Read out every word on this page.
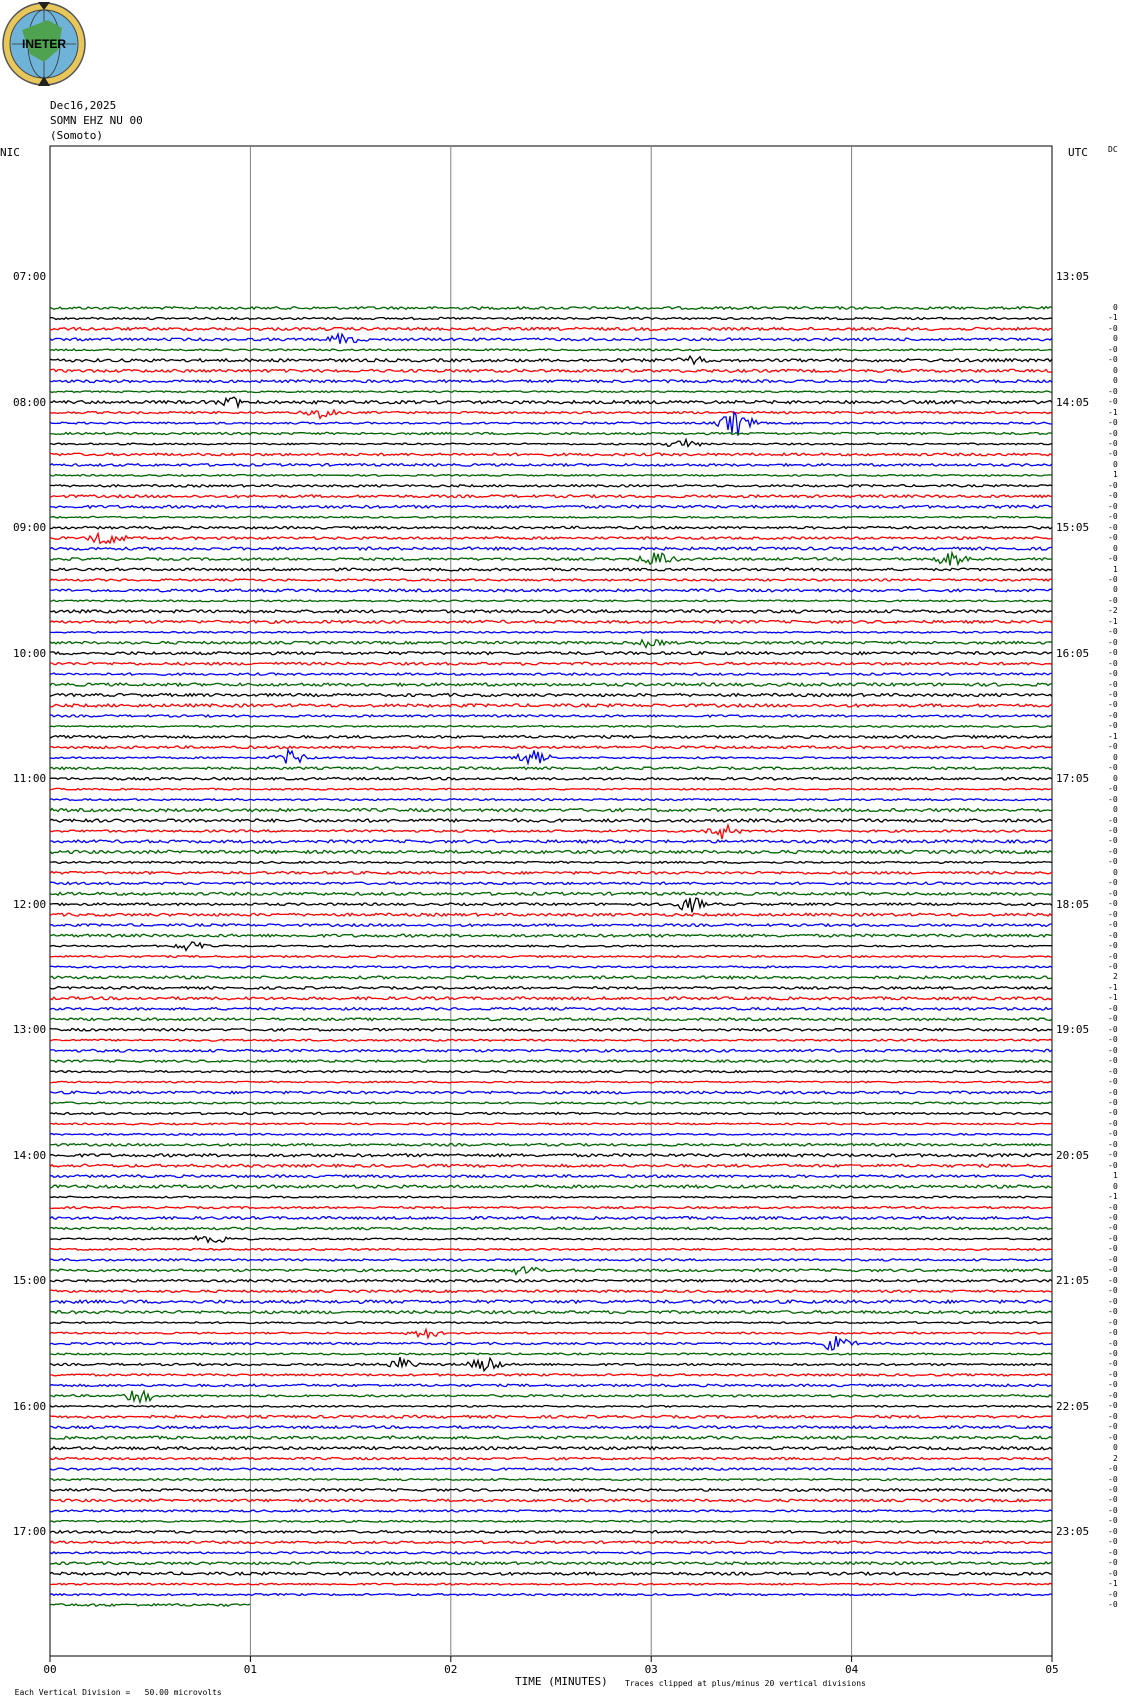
INETER
Dec16,2025
SOMN EHZ NU 00
(Somoto)
NIC	UTC	DC
00	01	02	03	04	05
0
-1
-0
0
-0
-0
0
0
-0
-0
-1
-0
-0
-0
-0
0
1
-0
-0
-0
-0
-0
-0
0
-0
1
-0
0
-0
-2
-1
-0
-0
-0
-0
-0
-0
-0
-0
-0
-0
-1
-0
0
-0
0
-0
-0
0
-0
-0
-0
-0
-0
0
-0
-0
-0
-0
-0
-0
-0
-0
-0
2
-1
-1
-0
-0
-0
-0
-0
-0
-0
-0
-0
-0
-0
-0
-0
-0
-0
-0
1
0
-1
-0
-0
-0
-0
-0
-0
-0
-0
-0
-0
-0
-0
-0
-0
-0
-0
-0
-0
-0
-0
-0
-0
-0
0
2
-0
-0
-0
-0
-0
-0
-0
-0
-0
-0
-0
-1
-0
-0
07:00	13:05
08:00	14:05
09:00	15:05
10:00	16:05
11:00	17:05
12:00	18:05
13:00	19:05
14:00	20:05
15:00	21:05
16:00	22:05
17:00	23:05

Each Vertical Division =   50.00 microvolts

TIME (MINUTES) Traces clipped at plus/minus 20 vertical divisions
